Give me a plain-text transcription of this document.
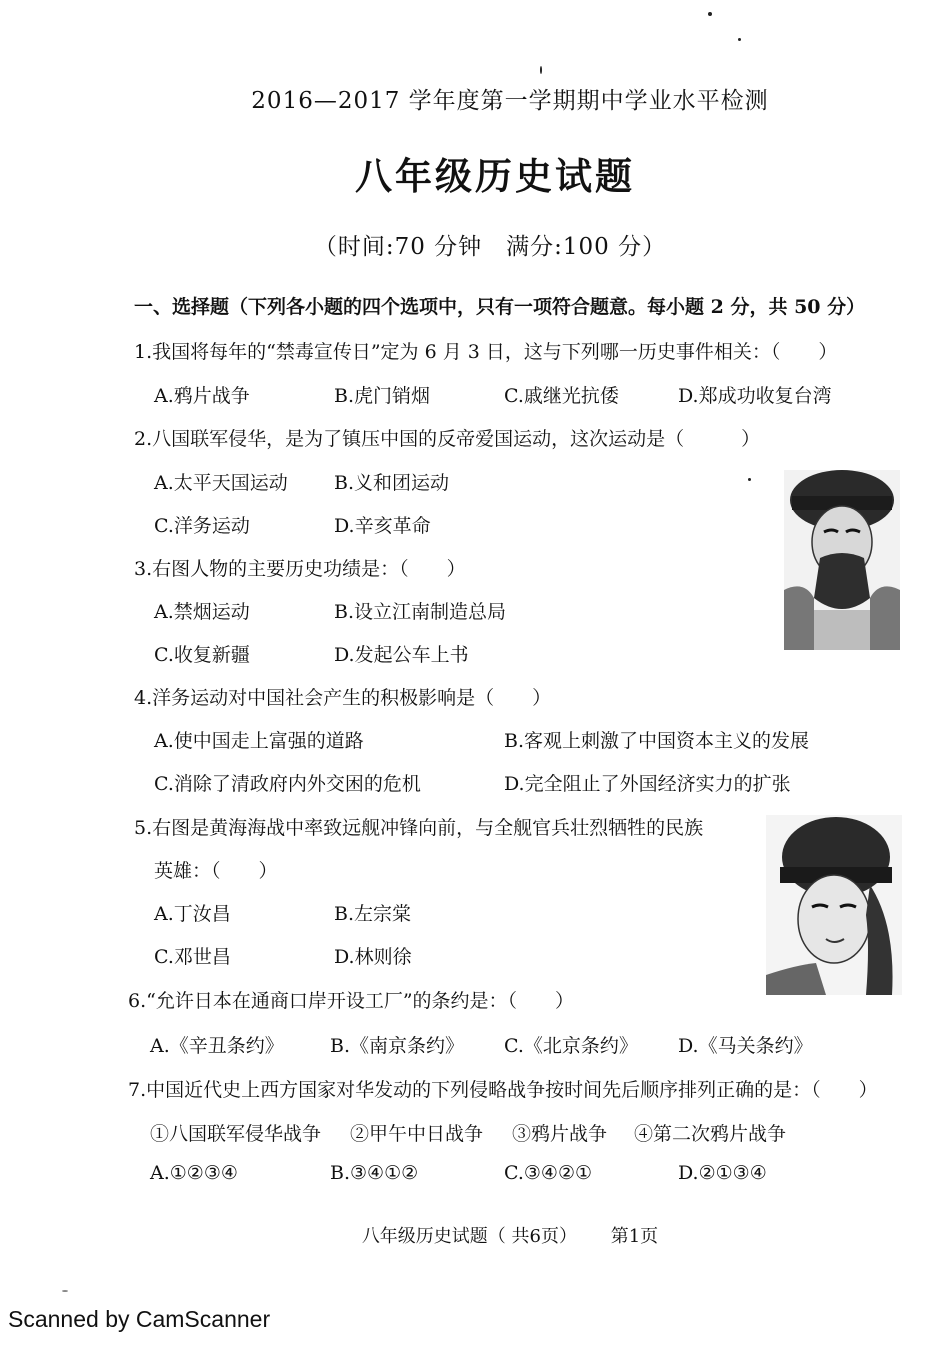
2016—2017 学年度第一学期期中学业水平检测
八年级历史试题
（时间:70 分钟　满分:100 分）
一、选择题（下列各小题的四个选项中，只有一项符合题意。每小题 2 分，共 50 分）
1.我国将每年的“禁毒宣传日”定为 6 月 3 日，这与下列哪一历史事件相关：（　　）
A.鸦片战争	B.虎门销烟	C.戚继光抗倭	D.郑成功收复台湾
2.八国联军侵华，是为了镇压中国的反帝爱国运动，这次运动是（　　　）
A.太平天国运动 B.义和团运动
C.洋务运动	D.辛亥革命
3.右图人物的主要历史功绩是：（　　）
A.禁烟运动	B.设立江南制造总局
C.收复新疆	D.发起公车上书
4.洋务运动对中国社会产生的积极影响是（　　）
A.使中国走上富强的道路	B.客观上刺激了中国资本主义的发展
C.消除了清政府内外交困的危机	D.完全阻止了外国经济实力的扩张
5.右图是黄海海战中率致远舰冲锋向前，与全舰官兵壮烈牺牲的民族
英雄：（　　）
A.丁汝昌	B.左宗棠
C.邓世昌	D.林则徐
6.“允许日本在通商口岸开设工厂”的条约是：（　　）
A.《辛丑条约》 B.《南京条约》 C.《北京条约》 D.《马关条约》
7.中国近代史上西方国家对华发动的下列侵略战争按时间先后顺序排列正确的是：（　　）
①八国联军侵华战争 ②甲午中日战争 ③鸦片战争 ④第二次鸦片战争
A.①②③④	B.③④①②	C.③④②①	D.②①③④
八年级历史试题（ 共6页） 第1页
Scanned by CamScanner
